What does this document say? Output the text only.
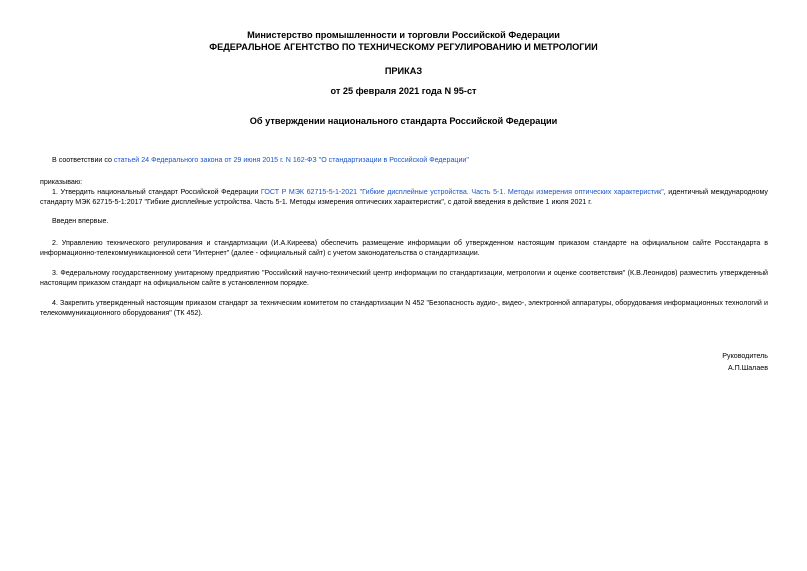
Министерство промышленности и торговли Российской Федерации
ФЕДЕРАЛЬНОЕ АГЕНТСТВО ПО ТЕХНИЧЕСКОМУ РЕГУЛИРОВАНИЮ И МЕТРОЛОГИИ
ПРИКАЗ
от 25 февраля 2021 года N 95-ст
Об утверждении национального стандарта Российской Федерации
В соответствии со статьей 24 Федерального закона от 29 июня 2015 г. N 162-ФЗ "О стандартизации в Российской Федерации"
приказываю:
1. Утвердить национальный стандарт Российской Федерации ГОСТ Р МЭК 62715-5-1-2021 "Гибкие дисплейные устройства. Часть 5-1. Методы измерения оптических характеристик", идентичный международному стандарту МЭК 62715-5-1:2017 "Гибкие дисплейные устройства. Часть 5-1. Методы измерения оптических характеристик", с датой введения в действие 1 июля 2021 г.
Введен впервые.
2. Управлению технического регулирования и стандартизации (И.А.Киреева) обеспечить размещение информации об утвержденном настоящим приказом стандарте на официальном сайте Росстандарта в информационно-телекоммуникационной сети "Интернет" (далее - официальный сайт) с учетом законодательства о стандартизации.
3. Федеральному государственному унитарному предприятию "Российский научно-технический центр информации по стандартизации, метрологии и оценке соответствия" (К.В.Леонидов) разместить утвержденный настоящим приказом стандарт на официальном сайте в установленном порядке.
4. Закрепить утвержденный настоящим приказом стандарт за техническим комитетом по стандартизации N 452 "Безопасность аудио-, видео-, электронной аппаратуры, оборудования информационных технологий и телекоммуникационного оборудования" (ТК 452).
Руководитель
А.П.Шалаев
